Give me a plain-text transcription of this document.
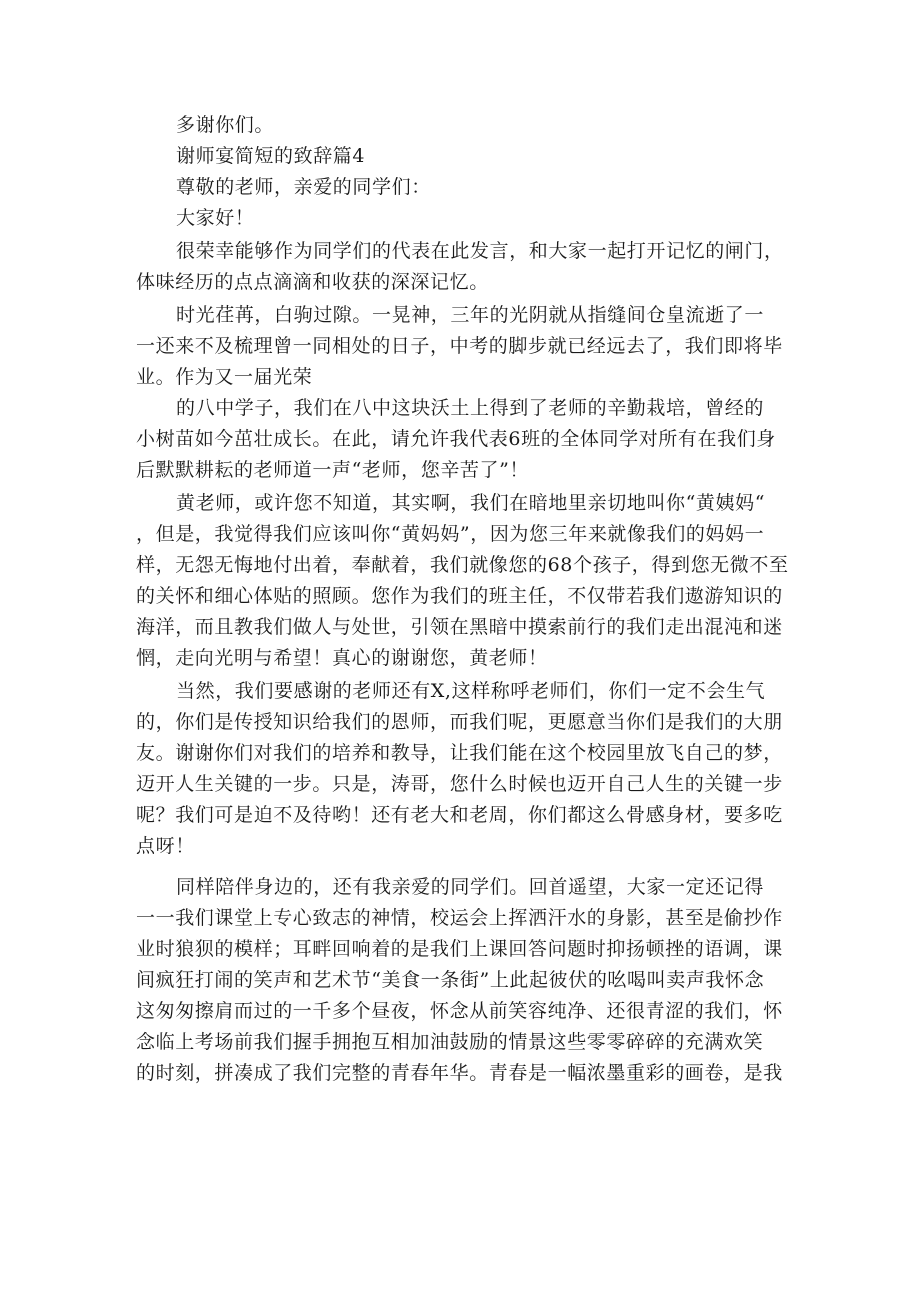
多谢你们。

谢师宴简短的致辞篇4

尊敬的老师，亲爱的同学们：

大家好！

很荣幸能够作为同学们的代表在此发言，和大家一起打开记忆的闸门，

体味经历的点点滴滴和收获的深深记忆。

时光荏苒，白驹过隙。一晃神，三年的光阴就从指缝间仓皇流逝了一

一还来不及梳理曾一同相处的日子，中考的脚步就已经远去了，我们即将毕

业。作为又一届光荣

的八中学子，我们在八中这块沃土上得到了老师的辛勤栽培，曾经的

小树苗如今茁壮成长。在此，请允许我代表6班的全体同学对所有在我们身

后默默耕耘的老师道一声“老师，您辛苦了”！

黄老师，或许您不知道，其实啊，我们在暗地里亲切地叫你“黄姨妈“

，但是，我觉得我们应该叫你“黄妈妈”，因为您三年来就像我们的妈妈一

样，无怨无悔地付出着，奉献着，我们就像您的68个孩子，得到您无微不至

的关怀和细心体贴的照顾。您作为我们的班主任，不仅带若我们遨游知识的

海洋，而且教我们做人与处世，引领在黑暗中摸索前行的我们走出混沌和迷

惘，走向光明与希望！真心的谢谢您，黄老师！

当然，我们要感谢的老师还有X,这样称呼老师们，你们一定不会生气

的，你们是传授知识给我们的恩师，而我们呢，更愿意当你们是我们的大朋

友。谢谢你们对我们的培养和教导，让我们能在这个校园里放飞自己的梦，

迈开人生关键的一步。只是，涛哥，您什么时候也迈开自己人生的关键一步

呢？我们可是迫不及待哟！还有老大和老周，你们都这么骨感身材，要多吃

点呀！

同样陪伴身边的，还有我亲爱的同学们。回首遥望，大家一定还记得

一一我们课堂上专心致志的神情，校运会上挥洒汗水的身影，甚至是偷抄作

业时狼狈的模样；耳畔回响着的是我们上课回答问题时抑扬顿挫的语调，课

间疯狂打闹的笑声和艺术节“美食一条街”上此起彼伏的吆喝叫卖声我怀念

这匆匆擦肩而过的一千多个昼夜，怀念从前笑容纯净、还很青涩的我们，怀

念临上考场前我们握手拥抱互相加油鼓励的情景这些零零碎碎的充满欢笑

的时刻，拼凑成了我们完整的青春年华。青春是一幅浓墨重彩的画卷，是我
